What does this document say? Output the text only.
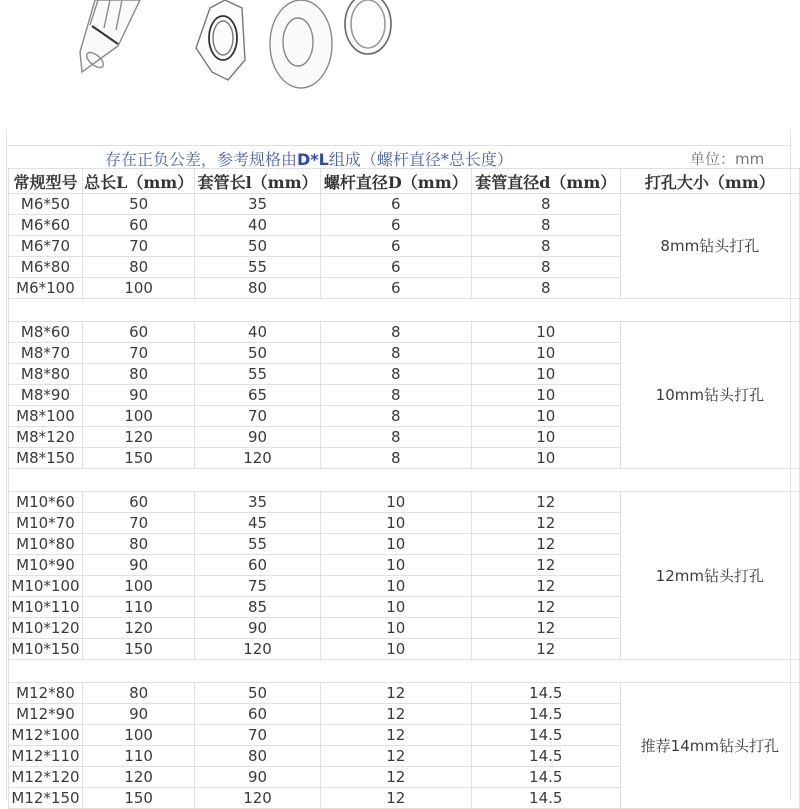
存在正负公差，参考规格由D*L组成（螺杆直径*总长度）	单位：mm
常规型号	总长L（mm）	套管长l（mm）	螺杆直径D（mm）	套管直径d（mm）	打孔大小（mm）
M6*50	50	35	6	8	8mm钻头打孔
M6*60	60	40	6	8	
M6*70	70	50	6	8	
M6*80	80	55	6	8	
M6*100	100	80	6	8	

M8*60	60	40	8	10	10mm钻头打孔
M8*70	70	50	8	10	
M8*80	80	55	8	10	
M8*90	90	65	8	10	
M8*100	100	70	8	10	
M8*120	120	90	8	10	
M8*150	150	120	8	10	

M10*60	60	35	10	12	12mm钻头打孔
M10*70	70	45	10	12	
M10*80	80	55	10	12	
M10*90	90	60	10	12	
M10*100	100	75	10	12	
M10*110	110	85	10	12	
M10*120	120	90	10	12	
M10*150	150	120	10	12	

M12*80	80	50	12	14.5	推荐14mm钻头打孔
M12*90	90	60	12	14.5	
M12*100	100	70	12	14.5	
M12*110	110	80	12	14.5	
M12*120	120	90	12	14.5	
M12*150	150	120	12	14.5	
